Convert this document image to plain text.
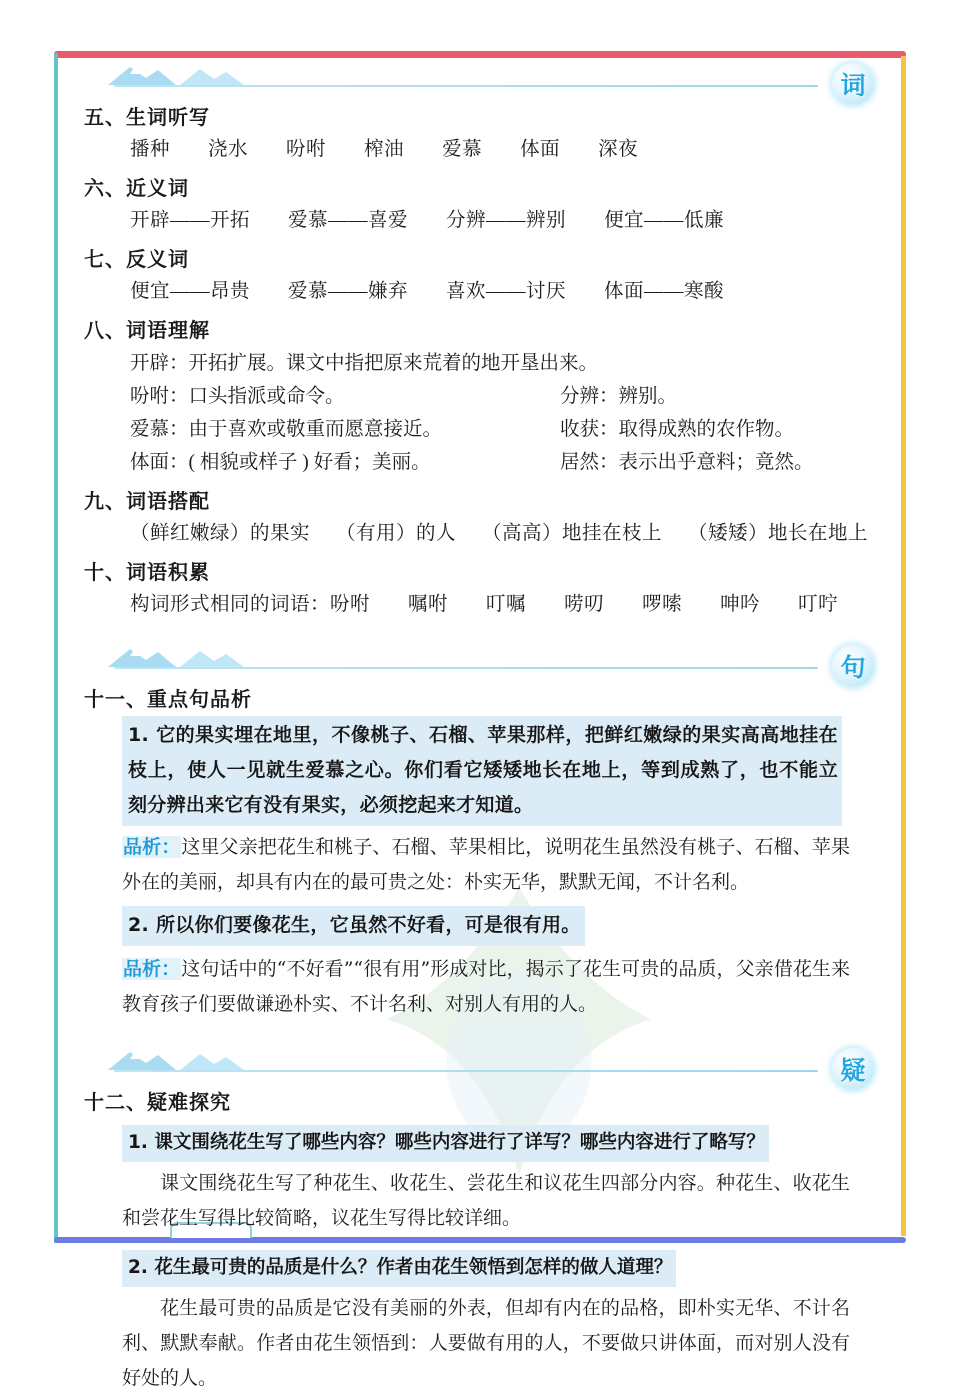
词
五、生词听写
播种 浇水 吩咐 榨油 爱慕 体面 深夜
六、近义词
开辟——开拓 爱慕——喜爱 分辨——辨别 便宜——低廉
七、反义词
便宜——昂贵 爱慕——嫌弃 喜欢——讨厌 体面——寒酸
八、词语理解
开辟：开拓扩展。课文中指把原来荒着的地开垦出来。
吩咐：口头指派或命令。	分辨：辨别。
爱慕：由于喜欢或敬重而愿意接近。	收获：取得成熟的农作物。
体面：( 相貌或样子 ) 好看；美丽。	居然：表示出乎意料；竟然。
九、词语搭配
（鲜红嫩绿）的果实 （有用）的人 （高高）地挂在枝上 （矮矮）地长在地上
十、词语积累
构词形式相同的词语：吩咐 嘱咐 叮嘱 唠叨 啰嗦 呻吟 叮咛
句
十一、重点句品析
1. 它的果实埋在地里，不像桃子、石榴、苹果那样，把鲜红嫩绿的果实高高地挂在枝上，使人一见就生爱慕之心。你们看它矮矮地长在地上，等到成熟了，也不能立刻分辨出来它有没有果实，必须挖起来才知道。
品析：这里父亲把花生和桃子、石榴、苹果相比，说明花生虽然没有桃子、石榴、苹果外在的美丽，却具有内在的最可贵之处：朴实无华，默默无闻，不计名利。
2. 所以你们要像花生，它虽然不好看，可是很有用。
品析：这句话中的“不好看”“很有用”形成对比，揭示了花生可贵的品质，父亲借花生来教育孩子们要做谦逊朴实、不计名利、对别人有用的人。
疑
十二、疑难探究
1. 课文围绕花生写了哪些内容？哪些内容进行了详写？哪些内容进行了略写？
课文围绕花生写了种花生、收花生、尝花生和议花生四部分内容。种花生、收花生和尝花生写得比较简略，议花生写得比较详细。
2. 花生最可贵的品质是什么？作者由花生领悟到怎样的做人道理？
花生最可贵的品质是它没有美丽的外表，但却有内在的品格，即朴实无华、不计名利、默默奉献。作者由花生领悟到：人要做有用的人，不要做只讲体面，而对别人没有好处的人。
